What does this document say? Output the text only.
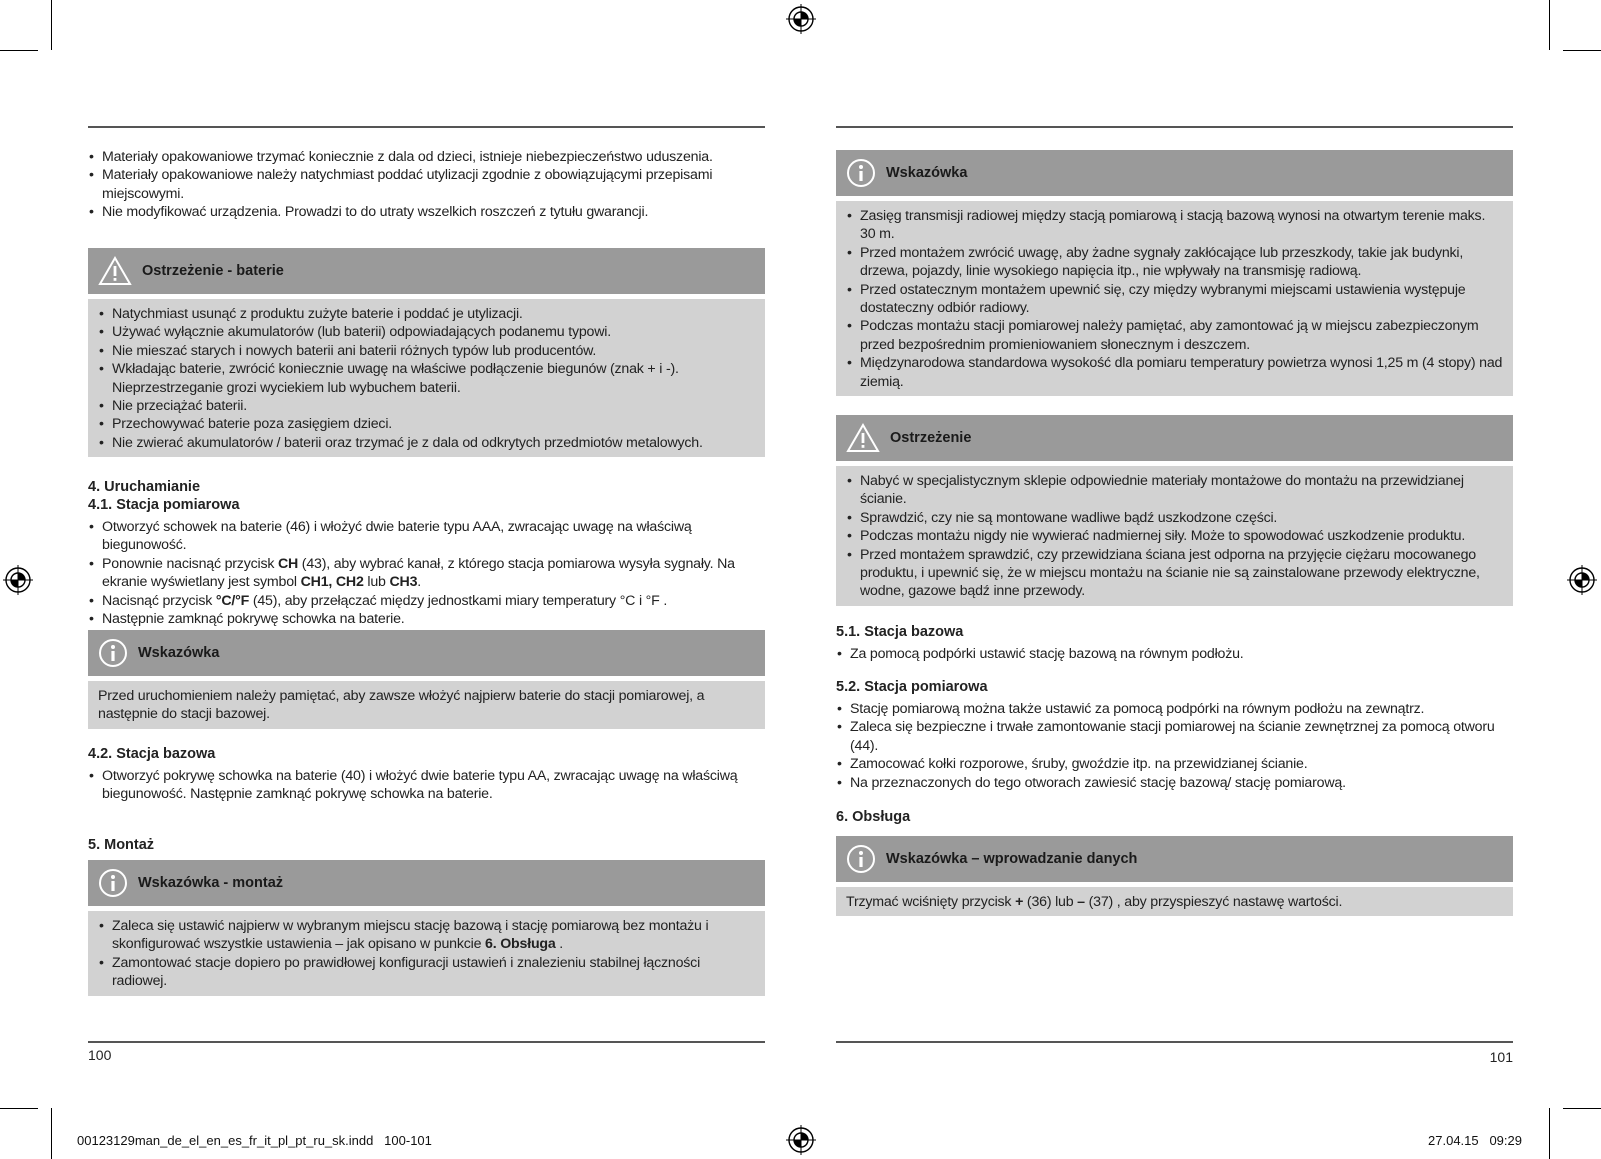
• Materiały opakowaniowe trzymać koniecznie z dala od dzieci, istnieje niebezpieczeństwo uduszenia.
• Materiały opakowaniowe należy natychmiast poddać utylizacji zgodnie z obowiązującymi przepisami miejscowymi.
• Nie modyfikować urządzenia. Prowadzi to do utraty wszelkich roszczeń z tytułu gwarancji.
Ostrzeżenie - baterie
• Natychmiast usunąć z produktu zużyte baterie i poddać je utylizacji.
• Używać wyłącznie akumulatorów (lub baterii) odpowiadających podanemu typowi.
• Nie mieszać starych i nowych baterii ani baterii różnych typów lub producentów.
• Wkładając baterie, zwrócić koniecznie uwagę na właściwe podłączenie biegunów (znak + i -). Nieprzestrzeganie grozi wyciekiem lub wybuchem baterii.
• Nie przeciążać baterii.
• Przechowywać baterie poza zasięgiem dzieci.
• Nie zwierać akumulatorów / baterii oraz trzymać je z dala od odkrytych przedmiotów metalowych.
4. Uruchamianie
4.1. Stacja pomiarowa
• Otworzyć schowek na baterie (46) i włożyć dwie baterie typu AAA, zwracając uwagę na właściwą biegunowość.
• Ponownie nacisnąć przycisk CH (43), aby wybrać kanał, z którego stacja pomiarowa wysyła sygnały. Na ekranie wyświetlany jest symbol CH1, CH2 lub CH3.
• Nacisnąć przycisk °C/°F (45), aby przełączać między jednostkami miary temperatury °C i °F .
• Następnie zamknąć pokrywę schowka na baterie.
Wskazówka
Przed uruchomieniem należy pamiętać, aby zawsze włożyć najpierw baterie do stacji pomiarowej, a następnie do stacji bazowej.
4.2. Stacja bazowa
• Otworzyć pokrywę schowka na baterie (40) i włożyć dwie baterie typu AA, zwracając uwagę na właściwą biegunowość. Następnie zamknąć pokrywę schowka na baterie.
5. Montaż
Wskazówka - montaż
• Zaleca się ustawić najpierw w wybranym miejscu stację bazową i stację pomiarową bez montażu i skonfigurować wszystkie ustawienia – jak opisano w punkcie 6. Obsługa .
• Zamontować stacje dopiero po prawidłowej konfiguracji ustawień i znalezieniu stabilnej łączności radiowej.
100
Wskazówka
• Zasięg transmisji radiowej między stacją pomiarową i stacją bazową wynosi na otwartym terenie maks. 30 m.
• Przed montażem zwrócić uwagę, aby żadne sygnały zakłócające lub przeszkody, takie jak budynki, drzewa, pojazdy, linie wysokiego napięcia itp., nie wpływały na transmisję radiową.
• Przed ostatecznym montażem upewnić się, czy między wybranymi miejscami ustawienia występuje dostateczny odbiór radiowy.
• Podczas montażu stacji pomiarowej należy pamiętać, aby zamontować ją w miejscu zabezpieczonym przed bezpośrednim promieniowaniem słonecznym i deszczem.
• Międzynarodowa standardowa wysokość dla pomiaru temperatury powietrza wynosi 1,25 m (4 stopy) nad ziemią.
Ostrzeżenie
• Nabyć w specjalistycznym sklepie odpowiednie materiały montażowe do montażu na przewidzianej ścianie.
• Sprawdzić, czy nie są montowane wadliwe bądź uszkodzone części.
• Podczas montażu nigdy nie wywierać nadmiernej siły. Może to spowodować uszkodzenie produktu.
• Przed montażem sprawdzić, czy przewidziana ściana jest odporna na przyjęcie ciężaru mocowanego produktu, i upewnić się, że w miejscu montażu na ścianie nie są zainstalowane przewody elektryczne, wodne, gazowe bądź inne przewody.
5.1. Stacja bazowa
• Za pomocą podpórki ustawić stację bazową na równym podłożu.
5.2. Stacja pomiarowa
• Stację pomiarową można także ustawić za pomocą podpórki na równym podłożu na zewnątrz.
• Zaleca się bezpieczne i trwałe zamontowanie stacji pomiarowej na ścianie zewnętrznej za pomocą otworu (44).
• Zamocować kołki rozporowe, śruby, gwoździe itp. na przewidzianej ścianie.
• Na przeznaczonych do tego otworach zawiesić stację bazową/ stację pomiarową.
6. Obsługa
Wskazówka – wprowadzanie danych
Trzymać wciśnięty przycisk + (36) lub – (37) , aby przyspieszyć nastawę wartości.
101
00123129man_de_el_en_es_fr_it_pl_pt_ru_sk.indd   100-101	27.04.15   09:29
